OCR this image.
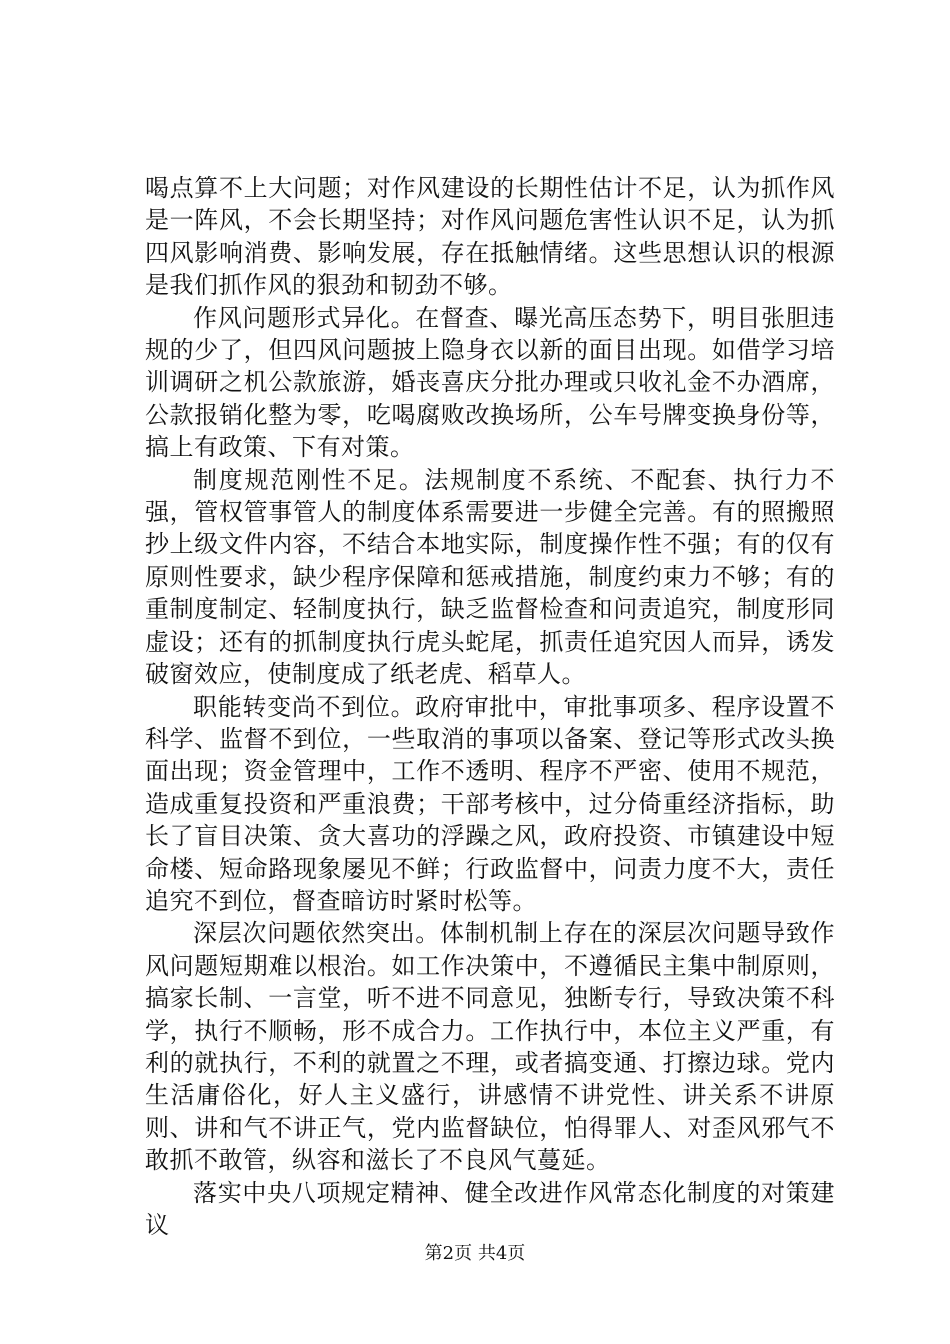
喝点算不上大问题；对作风建设的长期性估计不足，认为抓作风是一阵风，不会长期坚持；对作风问题危害性认识不足，认为抓四风影响消费、影响发展，存在抵触情绪。这些思想认识的根源是我们抓作风的狠劲和韧劲不够。

作风问题形式异化。在督查、曝光高压态势下，明目张胆违规的少了，但四风问题披上隐身衣以新的面目出现。如借学习培训调研之机公款旅游，婚丧喜庆分批办理或只收礼金不办酒席，公款报销化整为零，吃喝腐败改换场所，公车号牌变换身份等，搞上有政策、下有对策。

制度规范刚性不足。法规制度不系统、不配套、执行力不强，管权管事管人的制度体系需要进一步健全完善。有的照搬照抄上级文件内容，不结合本地实际，制度操作性不强；有的仅有原则性要求，缺少程序保障和惩戒措施，制度约束力不够；有的重制度制定、轻制度执行，缺乏监督检查和问责追究，制度形同虚设；还有的抓制度执行虎头蛇尾，抓责任追究因人而异，诱发破窗效应，使制度成了纸老虎、稻草人。

职能转变尚不到位。政府审批中，审批事项多、程序设置不科学、监督不到位，一些取消的事项以备案、登记等形式改头换面出现；资金管理中，工作不透明、程序不严密、使用不规范，造成重复投资和严重浪费；干部考核中，过分倚重经济指标，助长了盲目决策、贪大喜功的浮躁之风，政府投资、市镇建设中短命楼、短命路现象屡见不鲜；行政监督中，问责力度不大，责任追究不到位，督查暗访时紧时松等。

深层次问题依然突出。体制机制上存在的深层次问题导致作风问题短期难以根治。如工作决策中，不遵循民主集中制原则，搞家长制、一言堂，听不进不同意见，独断专行，导致决策不科学，执行不顺畅，形不成合力。工作执行中，本位主义严重，有利的就执行，不利的就置之不理，或者搞变通、打擦边球。党内生活庸俗化，好人主义盛行，讲感情不讲党性、讲关系不讲原则、讲和气不讲正气，党内监督缺位，怕得罪人、对歪风邪气不敢抓不敢管，纵容和滋长了不良风气蔓延。

落实中央八项规定精神、健全改进作风常态化制度的对策建议

第2页 共4页
